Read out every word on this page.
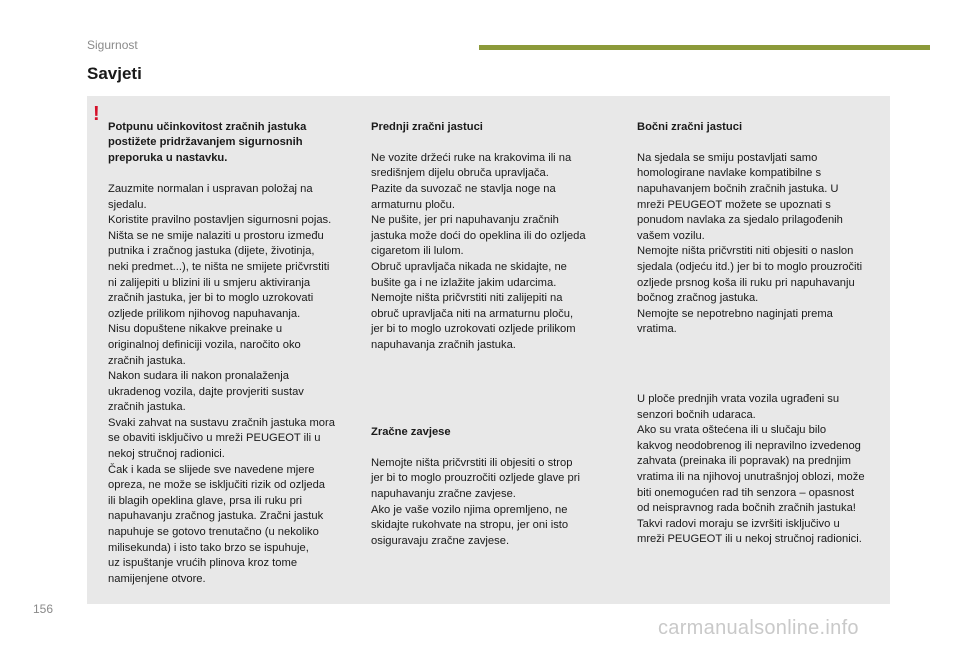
Sigurnost
Savjeti
!

Potpunu učinkovitost zračnih jastuka
postižete pridržavanjem sigurnosnih
preporuka u nastavku.

Zauzmite normalan i uspravan položaj na
sjedalu.
Koristite pravilno postavljen sigurnosni pojas.
Ništa se ne smije nalaziti u prostoru između
putnika i zračnog jastuka (dijete, životinja,
neki predmet...), te ništa ne smijete pričvrstiti
ni zalijepiti u blizini ili u smjeru aktiviranja
zračnih jastuka, jer bi to moglo uzrokovati
ozljede prilikom njihovog napuhavanja.
Nisu dopuštene nikakve preinake u
originalnoj definiciji vozila, naročito oko
zračnih jastuka.
Nakon sudara ili nakon pronalaženja
ukradenog vozila, dajte provjeriti sustav
zračnih jastuka.
Svaki zahvat na sustavu zračnih jastuka mora
se obaviti isključivo u mreži PEUGEOT ili u
nekoj stručnoj radionici.
Čak i kada se slijede sve navedene mjere
opreza, ne može se isključiti rizik od ozljeda
ili blagih opeklina glave, prsa ili ruku pri
napuhavanju zračnog jastuka. Zračni jastuk
napuhuje se gotovo trenutačno (u nekoliko
milisekunda) i isto tako brzo se ispuhuje,
uz ispuštanje vrućih plinova kroz tome
namijenjene otvore.

Prednji zračni jastuci

Ne vozite držeći ruke na krakovima ili na
središnjem dijelu obruča upravljača.
Pazite da suvozač ne stavlja noge na
armaturnu ploču.
Ne pušite, jer pri napuhavanju zračnih
jastuka može doći do opeklina ili do ozljeda
cigaretom ili lulom.
Obruč upravljača nikada ne skidajte, ne
bušite ga i ne izlažite jakim udarcima.
Nemojte ništa pričvrstiti niti zalijepiti na
obruč upravljača niti na armaturnu ploču,
jer bi to moglo uzrokovati ozljede prilikom
napuhavanja zračnih jastuka.

Zračne zavjese

Nemojte ništa pričvrstiti ili objesiti o strop
jer bi to moglo prouzročiti ozljede glave pri
napuhavanju zračne zavjese.
Ako je vaše vozilo njima opremljeno, ne
skidajte rukohvate na stropu, jer oni isto
osiguravaju zračne zavjese.

Bočni zračni jastuci

Na sjedala se smiju postavljati samo
homologirane navlake kompatibilne s
napuhavanjem bočnih zračnih jastuka. U
mreži PEUGEOT možete se upoznati s
ponudom navlaka za sjedalo prilagođenih
vašem vozilu.
Nemojte ništa pričvrstiti niti objesiti o naslon
sjedala (odjeću itd.) jer bi to moglo prouzročiti
ozljede prsnog koša ili ruku pri napuhavanju
bočnog zračnog jastuka.
Nemojte se nepotrebno naginjati prema
vratima.

U ploče prednjih vrata vozila ugrađeni su
senzori bočnih udaraca.
Ako su vrata oštećena ili u slučaju bilo
kakvog neodobrenog ili nepravilno izvedenog
zahvata (preinaka ili popravak) na prednjim
vratima ili na njihovoj unutrašnjoj oblozi, može
biti onemogućen rad tih senzora – opasnost
od neispravnog rada bočnih zračnih jastuka!
Takvi radovi moraju se izvršiti isključivo u
mreži PEUGEOT ili u nekoj stručnoj radionici.

156
carmanualsonline.info
